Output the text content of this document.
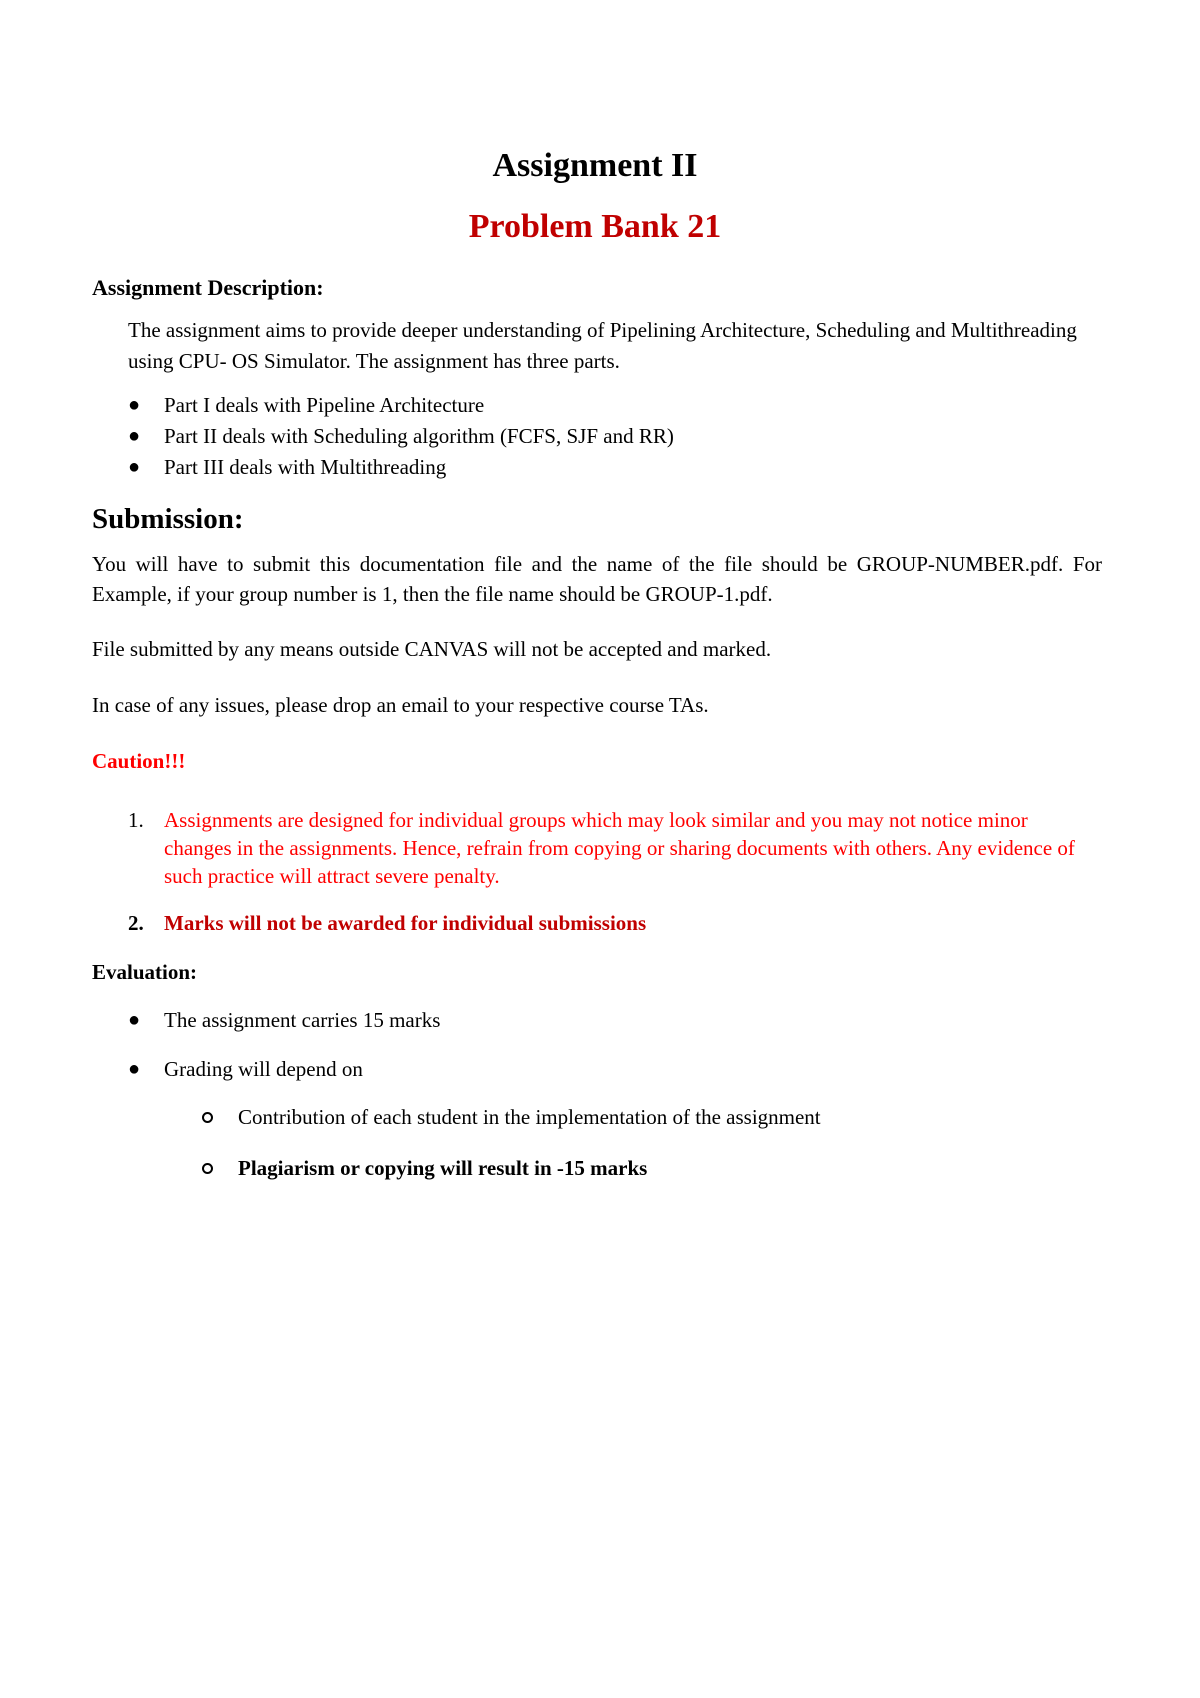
Assignment II
Problem Bank 21
Assignment Description:
The assignment aims to provide deeper understanding of Pipelining Architecture, Scheduling and Multithreading using CPU- OS Simulator. The assignment has three parts.
● Part I deals with Pipeline Architecture
● Part II deals with Scheduling algorithm (FCFS, SJF and RR)
● Part III deals with Multithreading
Submission:
You will have to submit this documentation file and the name of the file should be GROUP-NUMBER.pdf. For Example, if your group number is 1, then the file name should be GROUP-1.pdf.
File submitted by any means outside CANVAS will not be accepted and marked.
In case of any issues, please drop an email to your respective course TAs.
Caution!!!
1. Assignments are designed for individual groups which may look similar and you may not notice minor changes in the assignments. Hence, refrain from copying or sharing documents with others. Any evidence of such practice will attract severe penalty.
2. Marks will not be awarded for individual submissions
Evaluation:
● The assignment carries 15 marks
● Grading will depend on
Contribution of each student in the implementation of the assignment
Plagiarism or copying will result in -15 marks
